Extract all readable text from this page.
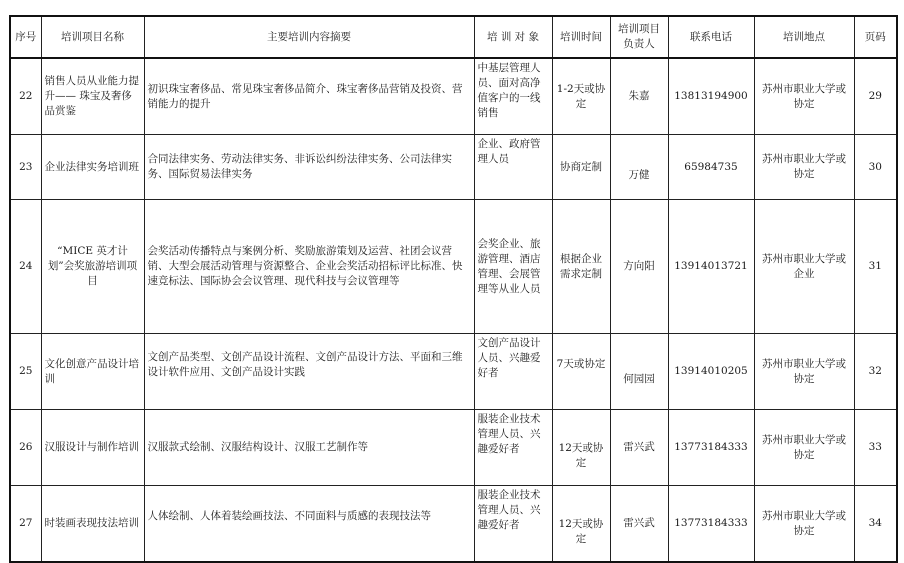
序号	培训项目名称	主要培训内容摘要	培 训 对 象	培训时间	培训项目负责人	联系电话	培训地点	页码
22	销售人员从业能力提升—— 珠宝及奢侈品赏鉴	初识珠宝奢侈品、常见珠宝奢侈品简介、珠宝奢侈品营销及投资、营销能力的提升	中基层管理人员、面对高净值客户的一线销售	1-2天或协定	朱嘉	13813194900	苏州市职业大学或协定	29
23	企业法律实务培训班	合同法律实务、劳动法律实务、非诉讼纠纷法律实务、公司法律实务、国际贸易法律实务	企业、政府管理人员	协商定制	万健	65984735	苏州市职业大学或协定	30
24	“MICE 英才计划”会奖旅游培训项目	会奖活动传播特点与案例分析、奖励旅游策划及运营、社团会议营销、大型会展活动管理与资源整合、企业会奖活动招标评比标准、快速竞标法、国际协会会议管理、现代科技与会议管理等	会奖企业、旅游管理、酒店管理、会展管理等从业人员	根据企业需求定制	方向阳	13914013721	苏州市职业大学或企业	31
25	文化创意产品设计培训	文创产品类型、文创产品设计流程、文创产品设计方法、平面和三维设计软件应用、文创产品设计实践	文创产品设计人员、兴趣爱好者	7天或协定	何园园	13914010205	苏州市职业大学或协定	32
26	汉服设计与制作培训	汉服款式绘制、汉服结构设计、汉服工艺制作等	服装企业技术管理人员、兴趣爱好者	12天或协定	雷兴武	13773184333	苏州市职业大学或协定	33
27	时装画表现技法培训	人体绘制、人体着装绘画技法、不同面料与质感的表现技法等	服装企业技术管理人员、兴趣爱好者	12天或协定	雷兴武	13773184333	苏州市职业大学或协定	34
